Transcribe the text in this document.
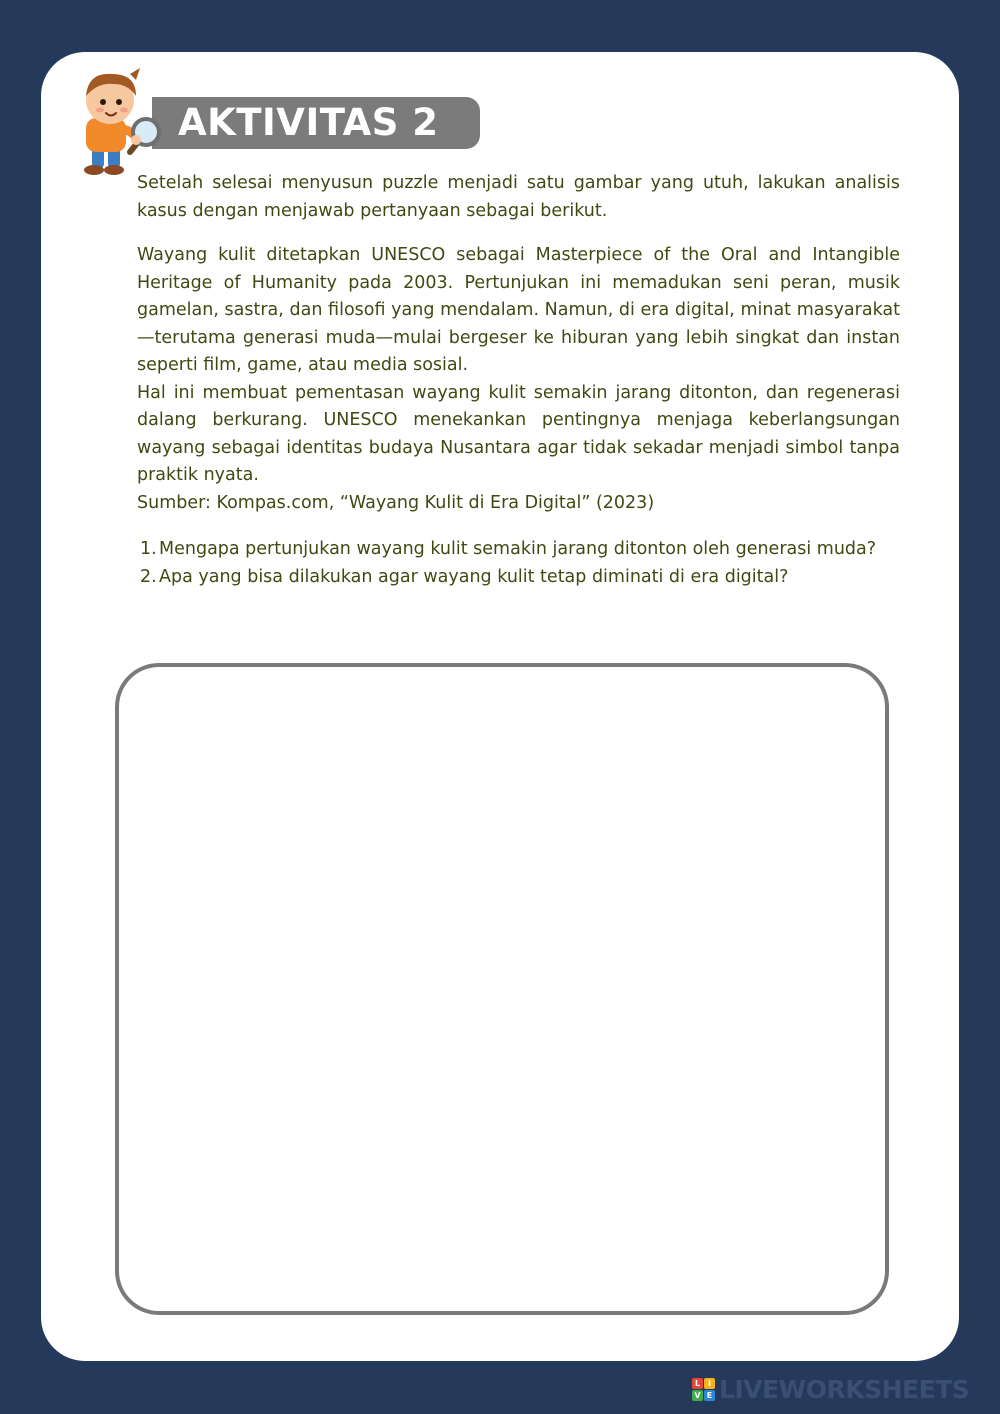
AKTIVITAS 2

Setelah selesai menyusun puzzle menjadi satu gambar yang utuh, lakukan analisis kasus dengan menjawab pertanyaan sebagai berikut.

Wayang kulit ditetapkan UNESCO sebagai Masterpiece of the Oral and Intangible Heritage of Humanity pada 2003. Pertunjukan ini memadukan seni peran, musik gamelan, sastra, dan filosofi yang mendalam. Namun, di era digital, minat masyarakat—terutama generasi muda—mulai bergeser ke hiburan yang lebih singkat dan instan seperti film, game, atau media sosial.

Hal ini membuat pementasan wayang kulit semakin jarang ditonton, dan regenerasi dalang berkurang. UNESCO menekankan pentingnya menjaga keberlangsungan wayang sebagai identitas budaya Nusantara agar tidak sekadar menjadi simbol tanpa praktik nyata.

Sumber: Kompas.com, “Wayang Kulit di Era Digital” (2023)

1. Mengapa pertunjukan wayang kulit semakin jarang ditonton oleh generasi muda?
2. Apa yang bisa dilakukan agar wayang kulit tetap diminati di era digital?
L I
V E LIVEWORKSHEETS
